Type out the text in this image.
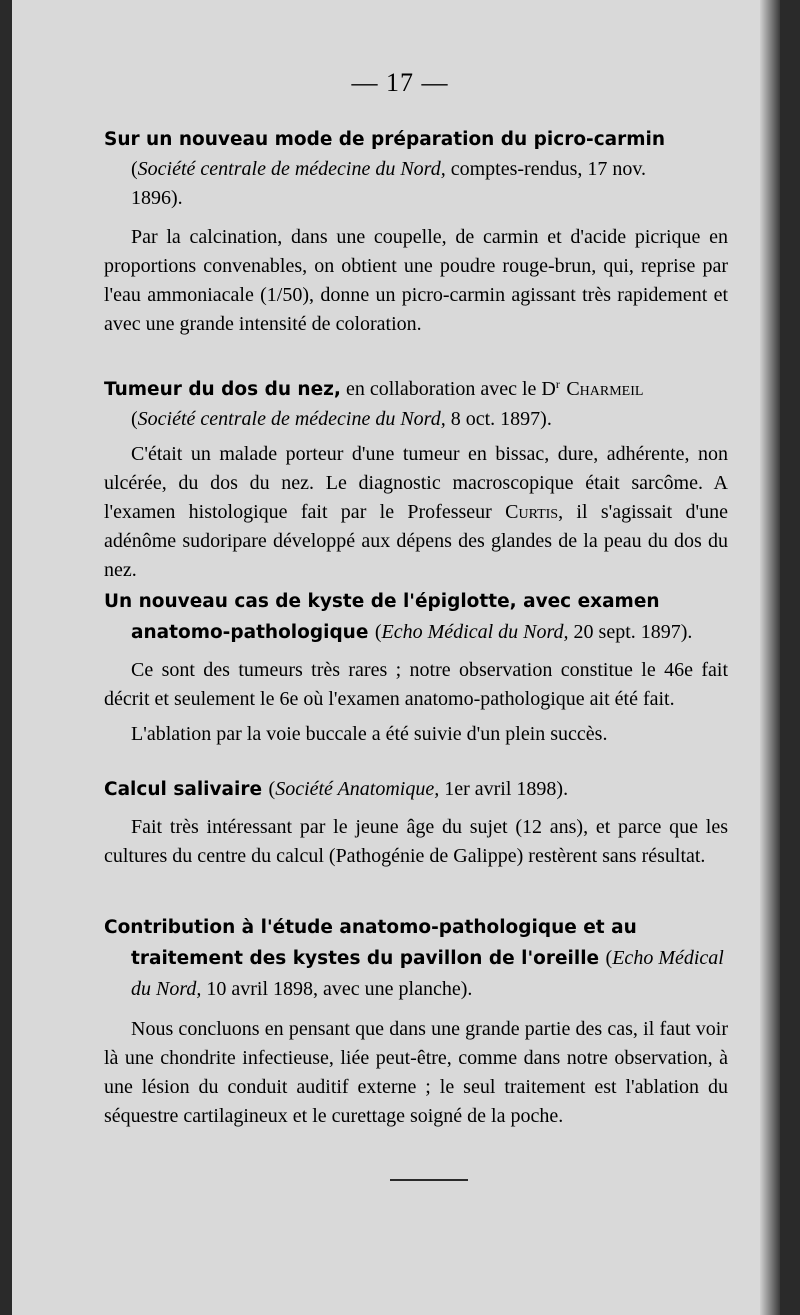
— 17 —

Sur un nouveau mode de préparation du picro-carmin

(Société centrale de médecine du Nord, comptes-rendus, 17 nov.

1896).

Par la calcination, dans une coupelle, de carmin et d'acide picrique en proportions convenables, on obtient une poudre rouge-brun, qui, reprise par l'eau ammoniacale (1/50), donne un picro-carmin agissant très rapidement et avec une grande intensité de coloration.

Tumeur du dos du nez, en collaboration avec le D$^r$ Charmeil

(Société centrale de médecine du Nord, 8 oct. 1897).

C'était un malade porteur d'une tumeur en bissac, dure, adhérente, non ulcérée, du dos du nez. Le diagnostic macroscopique était sarcôme. A l'examen histologique fait par le Professeur Curtis, il s'agissait d'une adénôme sudoripare développé aux dépens des glandes de la peau du dos du nez.

Un nouveau cas de kyste de l'épiglotte, avec examen anatomo-pathologique (Echo Médical du Nord, 20 sept. 1897).

Ce sont des tumeurs très rares ; notre observation constitue le 46e fait décrit et seulement le 6e où l'examen anatomo-pathologique ait été fait.

L'ablation par la voie buccale a été suivie d'un plein succès.

Calcul salivaire (Société Anatomique, 1er avril 1898).

Fait très intéressant par le jeune âge du sujet (12 ans), et parce que les cultures du centre du calcul (Pathogénie de Galippe) restèrent sans résultat.

Contribution à l'étude anatomo-pathologique et au traitement des kystes du pavillon de l'oreille (Echo Médical du Nord, 10 avril 1898, avec une planche).

Nous concluons en pensant que dans une grande partie des cas, il faut voir là une chondrite infectieuse, liée peut-être, comme dans notre observation, à une lésion du conduit auditif externe ; le seul traitement est l'ablation du séquestre cartilagineux et le curettage soigné de la poche.
